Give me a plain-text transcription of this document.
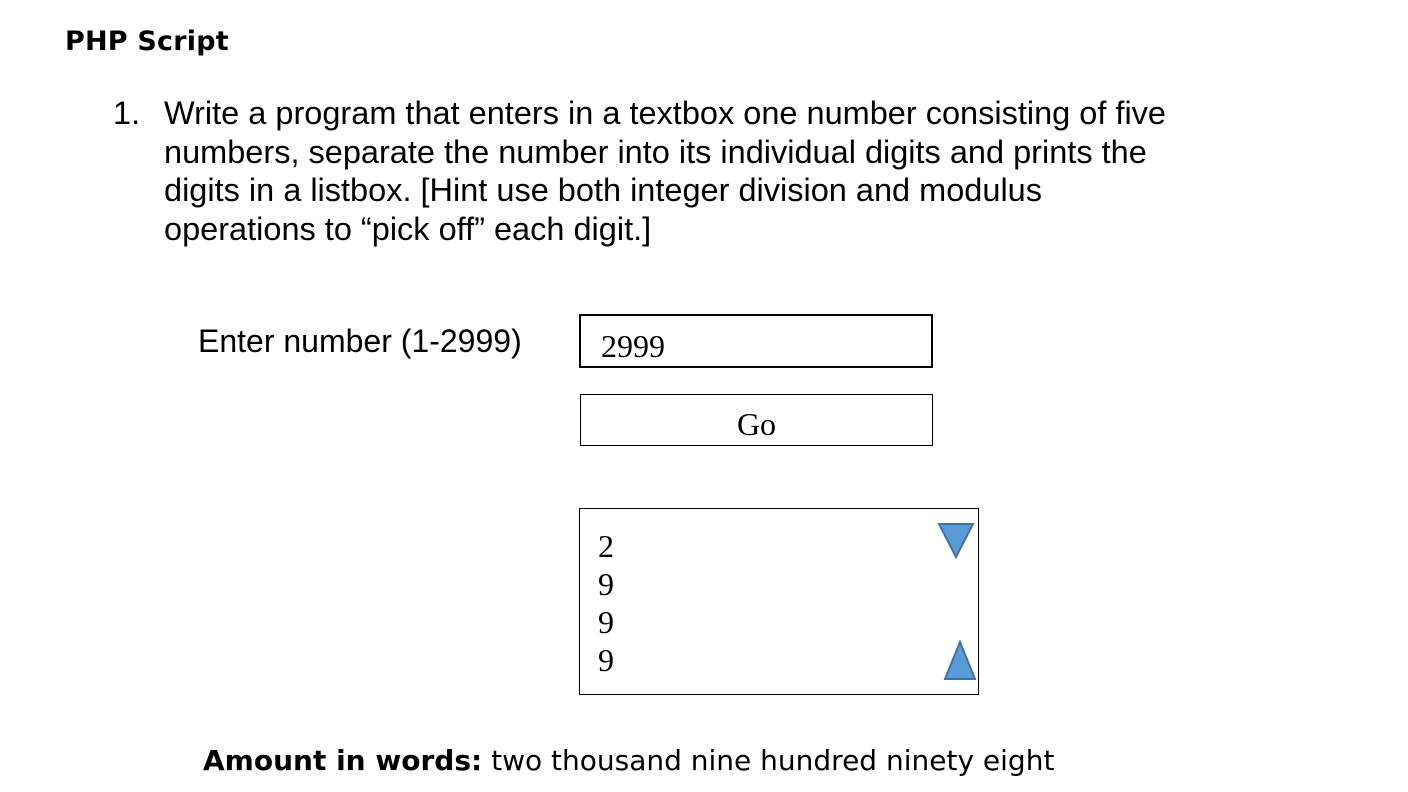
PHP Script
1. Write a program that enters in a textbox one number consisting of five
numbers, separate the number into its individual digits and prints the
digits in a listbox. [Hint use both integer division and modulus
operations to “pick off” each digit.]
Enter number (1-2999)	2999
Go
2
9
9
9
Amount in words: two thousand nine hundred ninety eight
